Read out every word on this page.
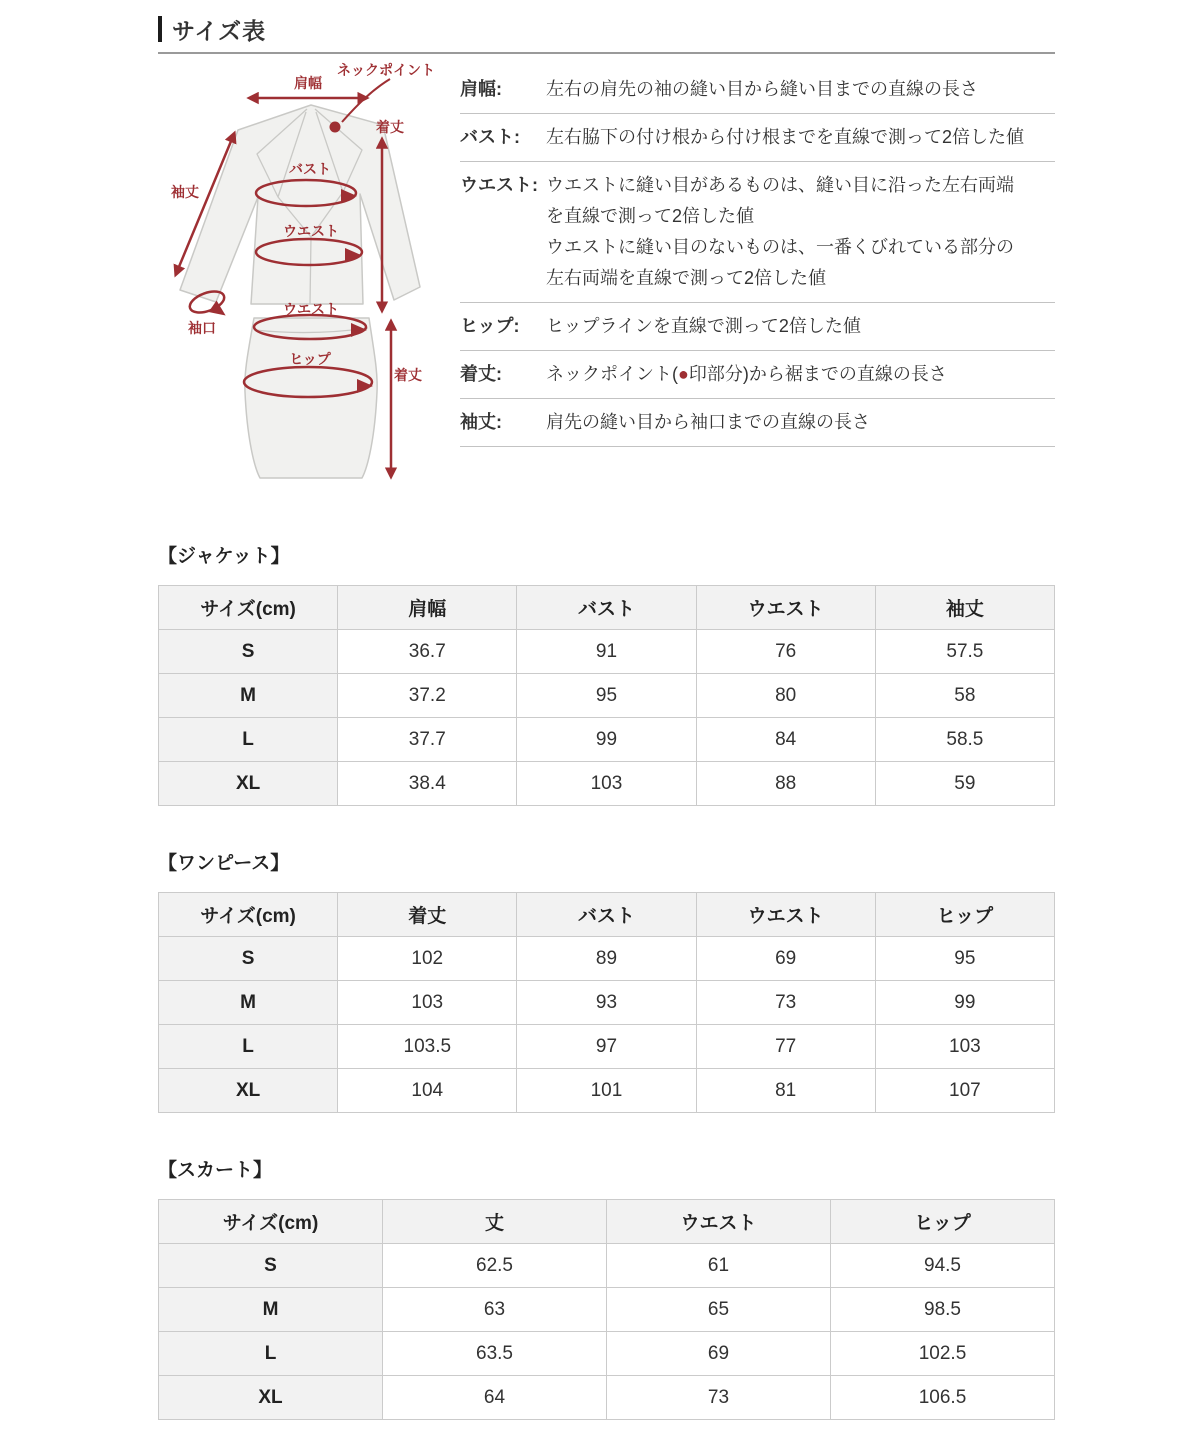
サイズ表
肩幅
ネックポイント
着丈
袖丈
バスト
ウエスト
袖口
ウエスト
ヒップ
着丈
肩幅:	左右の肩先の袖の縫い目から縫い目までの直線の長さ
バスト:	左右脇下の付け根から付け根までを直線で測って2倍した値
ウエスト: ウエストに縫い目があるものは、縫い目に沿った左右両端
を直線で測って2倍した値
ウエストに縫い目のないものは、一番くびれている部分の
左右両端を直線で測って2倍した値
ヒップ:	ヒップラインを直線で測って2倍した値
着丈:	ネックポイント(●印部分)から裾までの直線の長さ
袖丈:	肩先の縫い目から袖口までの直線の長さ
【ジャケット】
サイズ(cm)	肩幅	バスト	ウエスト	袖丈
S	36.7	91	76	57.5
M	37.2	95	80	58
L	37.7	99	84	58.5
XL	38.4	103	88	59
【ワンピース】
サイズ(cm)	着丈	バスト	ウエスト	ヒップ
S	102	89	69	95
M	103	93	73	99
L	103.5	97	77	103
XL	104	101	81	107
【スカート】
サイズ(cm)	丈	ウエスト	ヒップ
S	62.5	61	94.5
M	63	65	98.5
L	63.5	69	102.5
XL	64	73	106.5
